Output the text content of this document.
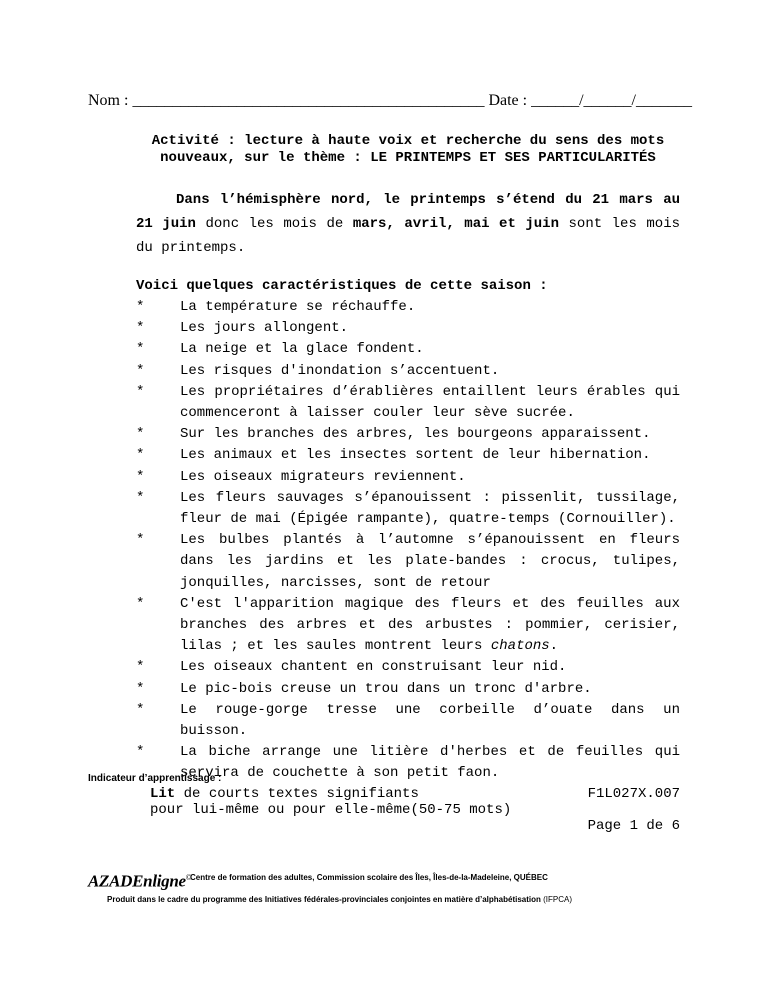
Nom : ____________________________________________ Date : ______/______/_______
Activité : lecture à haute voix et recherche du sens des mots
nouveaux, sur le thème : LE PRINTEMPS ET SES PARTICULARITÉS
Dans l’hémisphère nord, le printemps s’étend du 21 mars au 21 juin donc les mois de mars, avril, mai et juin sont les mois du printemps.
Voici quelques caractéristiques de cette saison :
*	La température se réchauffe.
*	Les jours allongent.
*	La neige et la glace fondent.
*	Les risques d'inondation s’accentuent.
*	Les propriétaires d’érablières entaillent leurs érables qui commenceront à laisser couler leur sève sucrée.
*	Sur les branches des arbres, les bourgeons apparaissent.
*	Les animaux et les insectes sortent de leur hibernation.
*	Les oiseaux migrateurs reviennent.
*	Les fleurs sauvages s’épanouissent : pissenlit, tussilage, fleur de mai (Épigée rampante), quatre-temps (Cornouiller).
*	Les bulbes plantés à l’automne s’épanouissent en fleurs dans les jardins et les plate-bandes : crocus, tulipes, jonquilles, narcisses, sont de retour
*	C'est l'apparition magique des fleurs et des feuilles aux branches des arbres et des arbustes : pommier, cerisier, lilas ; et les saules montrent leurs chatons.
*	Les oiseaux chantent en construisant leur nid.
*	Le pic-bois creuse un trou dans un tronc d'arbre.
*	Le rouge-gorge tresse une corbeille d’ouate dans un buisson.
*	La biche arrange une litière d'herbes et de feuilles qui servira de couchette à son petit faon.
Indicateur d’apprentissage :
Lit de courts textes signifiants
pour lui-même ou pour elle-même(50-75 mots)
F1L027X.007
Page 1 de 6
AZADEnligne©
Centre de formation des adultes, Commission scolaire des Îles, Îles-de-la-Madeleine, QUÉBEC
Produit dans le cadre du programme des Initiatives fédérales-provinciales conjointes en matière d’alphabétisation (IFPCA)
